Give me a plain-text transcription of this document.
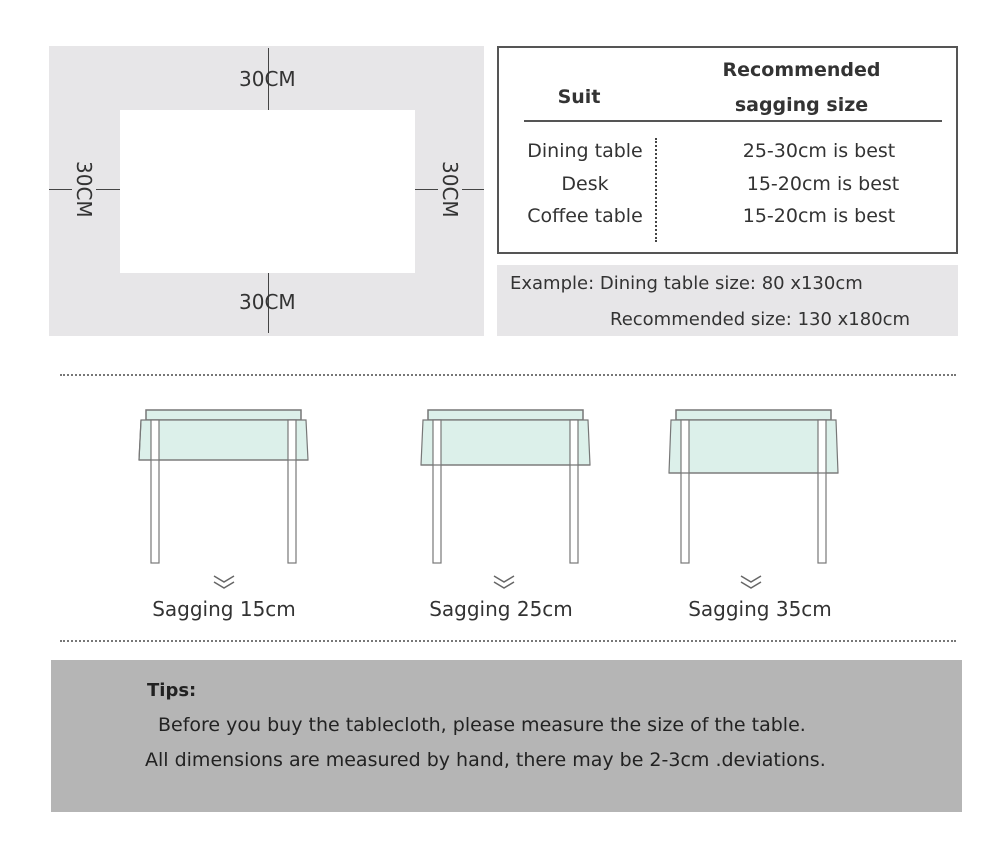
30CM
30CM
30CM	30CM
Suit
Recommended
sagging size
Dining table	25-30cm is best
Desk	15-20cm is best
Coffee table	15-20cm is best
Example: Dining table size: 80 x130cm
Recommended size: 130 x180cm
Sagging 15cm	Sagging 25cm	Sagging 35cm
Tips:
Before you buy the tablecloth, please measure the size of the table.
All dimensions are measured by hand, there may be 2-3cm .deviations.
